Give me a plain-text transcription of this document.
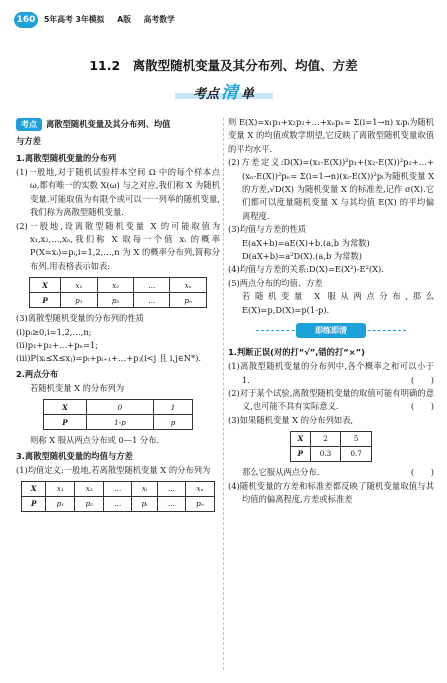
160	5年高考 3年模拟 A版 高考数学
11.2　离散型随机变量及其分布列、均值、方差
考点 清 单
考点 离散型随机变量及其分布列、均值
与方差
1.离散型随机变量的分布列

(1)一般地,对于随机试验样本空间 Ω 中的每个样本点 ω,都有唯一的实数 X(ω) 与之对应,我们称 X 为随机变量.可能取值为有限个或可以一一列举的随机变量,我们称为离散型随机变量.

(2)一般地,设离散型随机变量 X 的可能取值为 x₁,x₂,…,xₙ,我们称 X 取每一个值 xᵢ 的概率 P(X=xᵢ)=pᵢ,i=1,2,…,n 为 X 的概率分布列,简称分布列.用表格表示如表:

X	x₁	x₂	…	xₙ
P	p₁	p₂	…	pₙ

(3)离散型随机变量的分布列的性质

(ⅰ)pᵢ≥0,i=1,2,…,n;

(ⅱ)p₁+p₂+…+pₙ=1;

(ⅲ)P(xᵢ≤X≤xⱼ)=pᵢ+pᵢ₊₁+…+pⱼ(i<j 且 i,j∈N*).

2.两点分布

若随机变量 X 的分布列为

X	0	1
P	1-p	p

则称 X 服从两点分布或 0—1 分布.

3.离散型随机变量的均值与方差

(1)均值定义:一般地,若离散型随机变量 X 的分布列为

X	x₁	x₂	…	xᵢ	…	xₙ
P	p₁	p₂	…	pᵢ	…	pₙ

则 E(X)=x₁p₁+x₂p₂+…+xₙpₙ= Σ(i=1→n) xᵢpᵢ为随机变量 X 的均值或数学期望,它反映了离散型随机变量取值的平均水平.

(2)方差定义:D(X)=(x₁-E(X))²p₁+(x₂-E(X))²p₂+…+(xₙ-E(X))²pₙ= Σ(i=1→n)(xᵢ-E(X))²pᵢ为随机变量 X 的方差,√D(X) 为随机变量 X 的标准差,记作 σ(X).它们都可以度量随机变量 X 与其均值 E(X) 的平均偏离程度.

(3)均值与方差的性质

E(aX+b)=aE(X)+b.(a,b 为常数)

D(aX+b)=a²D(X).(a,b 为常数)

(4)均值与方差的关系:D(X)=E(X²)-E²(X).

(5)两点分布的均值、方差

若随机变量 X 服从两点分布,那么 E(X)=p,D(X)=p(1-p).

即练即清

1.判断正误(对的打“√”,错的打“×”)

(1)离散型随机变量的分布列中,各个概率之和可以小于 1.	(　　)

(2)对于某个试验,离散型随机变量的取值可能有明确的意义,也可能不具有实际意义.	(　　)

(3)如果随机变量 X 的分布列如表,

X	2	5
P	0.3	0.7

那么它服从两点分布.	(　　)

(4)随机变量的方差和标准差都反映了随机变量取值与其均值的偏离程度,方差或标准差
